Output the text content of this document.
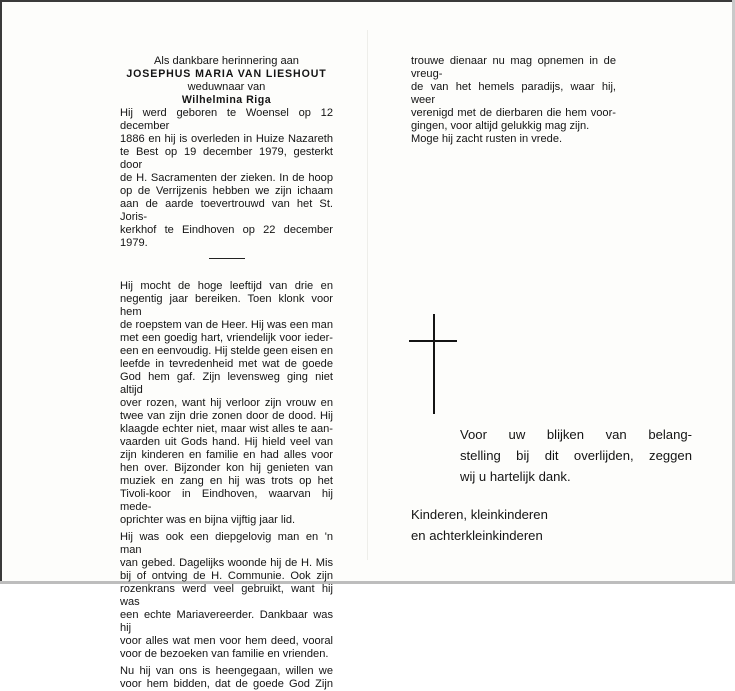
Als dankbare herinnering aan
JOSEPHUS MARIA VAN LIESHOUT
weduwnaar van
Wilhelmina Riga
Hij werd geboren te Woensel op 12 december
1886 en hij is overleden in Huize Nazareth
te Best op 19 december 1979, gesterkt door
de H. Sacramenten der zieken. In de hoop
op de Verrijzenis hebben we zijn ichaam
aan de aarde toevertrouwd van het St. Joris-
kerkhof te Eindhoven op 22 december 1979.
Hij mocht de hoge leeftijd van drie en
negentig jaar bereiken. Toen klonk voor hem
de roepstem van de Heer. Hij was een man
met een goedig hart, vriendelijk voor ieder-
een en eenvoudig. Hij stelde geen eisen en
leefde in tevredenheid met wat de goede
God hem gaf. Zijn levensweg ging niet altijd
over rozen, want hij verloor zijn vrouw en
twee van zijn drie zonen door de dood. Hij
klaagde echter niet, maar wist alles te aan-
vaarden uit Gods hand. Hij hield veel van
zijn kinderen en familie en had alles voor
hen over. Bijzonder kon hij genieten van
muziek en zang en hij was trots op het
Tivoli-koor in Eindhoven, waarvan hij mede-
oprichter was en bijna vijftig jaar lid.
Hij was ook een diepgelovig man en 'n man
van gebed. Dagelijks woonde hij de H. Mis
bij of ontving de H. Communie. Ook zijn
rozenkrans werd veel gebruikt, want hij was
een echte Mariavereerder. Dankbaar was hij
voor alles wat men voor hem deed, vooral
voor de bezoeken van familie en vrienden.
Nu hij van ons is heengegaan, willen we
voor hem bidden, dat de goede God Zijn
trouwe dienaar nu mag opnemen in de vreug-
de van het hemels paradijs, waar hij, weer
verenigd met de dierbaren die hem voor-
gingen, voor altijd gelukkig mag zijn.
Moge hij zacht rusten in vrede.
Voor uw blijken van belang-
stelling bij dit overlijden, zeggen
wij u hartelijk dank.
Kinderen, kleinkinderen
en achterkleinkinderen
